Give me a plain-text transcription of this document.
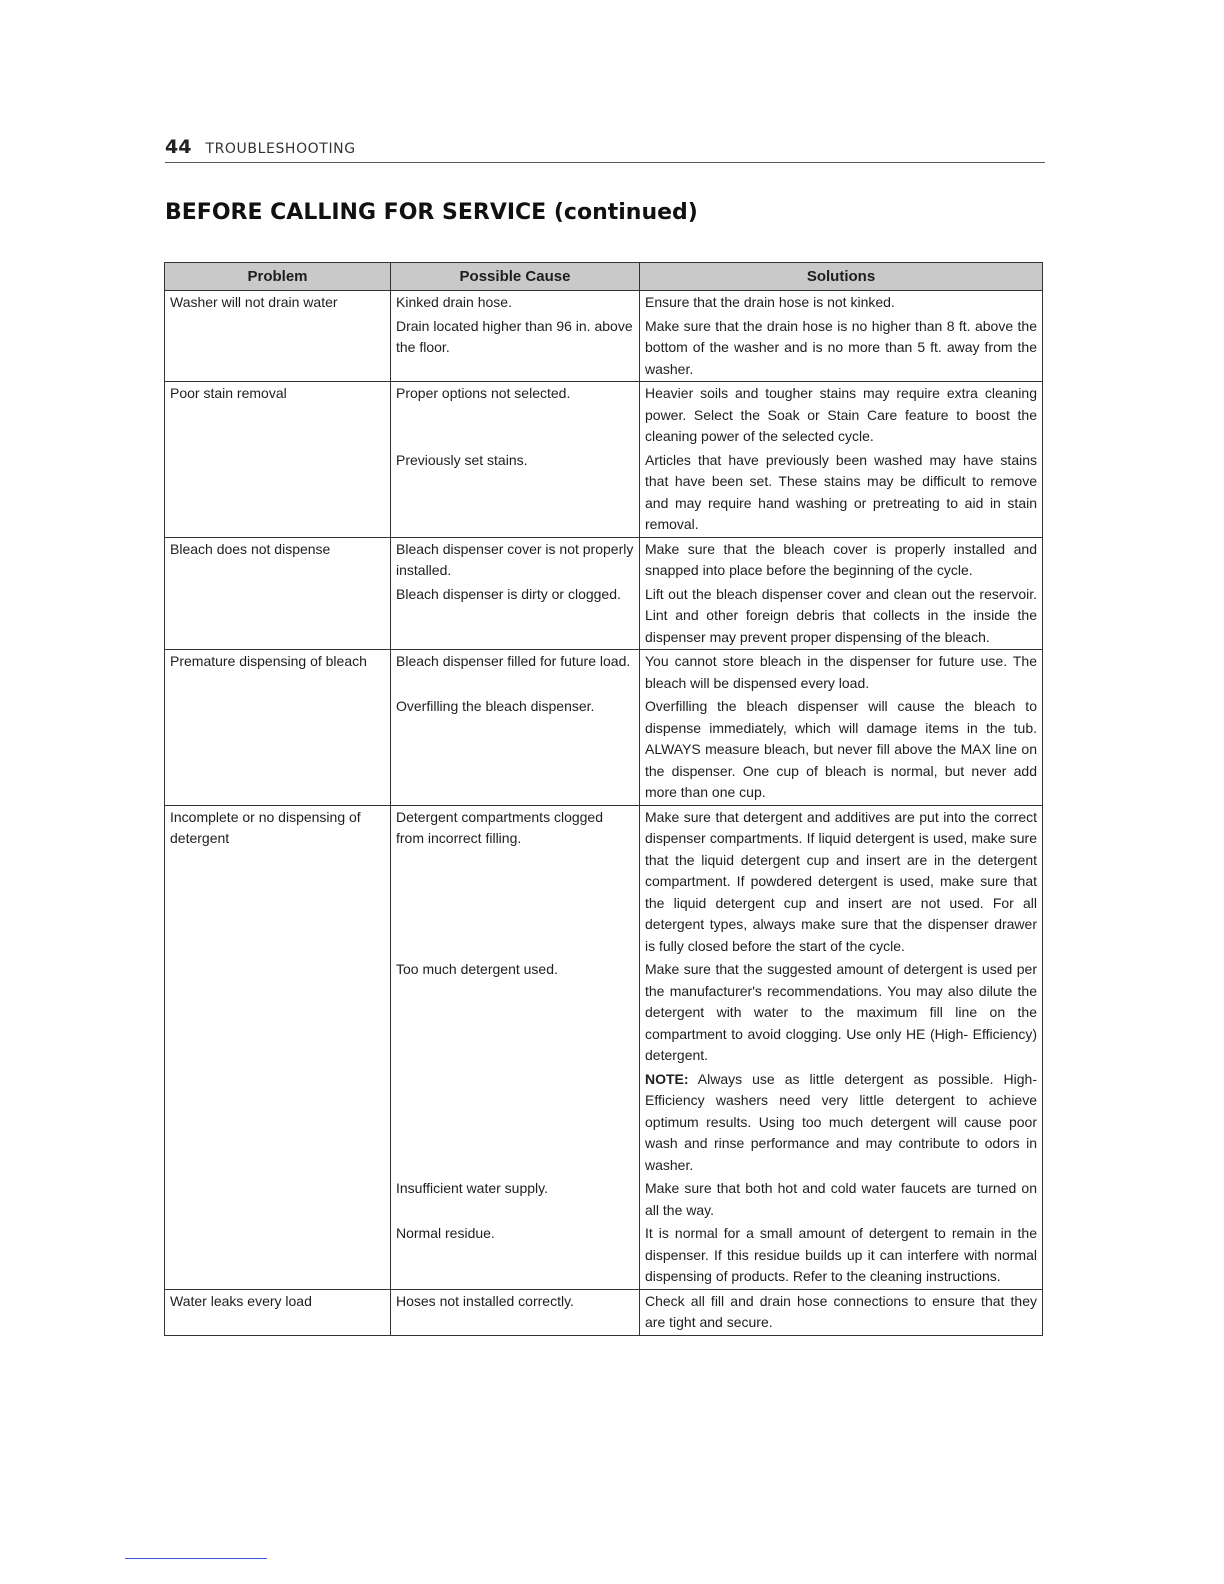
44 TROUBLESHOOTING
BEFORE CALLING FOR SERVICE (continued)
Problem	Possible Cause	Solutions
Washer will not drain water	Kinked drain hose.	Ensure that the drain hose is not kinked.
	Drain located higher than 96 in. above the floor.	Make sure that the drain hose is no higher than 8 ft. above the bottom of the washer and is no more than 5 ft. away from the washer.
Poor stain removal	Proper options not selected.	Heavier soils and tougher stains may require extra cleaning power. Select the Soak or Stain Care feature to boost the cleaning power of the selected cycle.
	Previously set stains.	Articles that have previously been washed may have stains that have been set. These stains may be difficult to remove and may require hand washing or pretreating to aid in stain removal.
Bleach does not dispense	Bleach dispenser cover is not properly installed.	Make sure that the bleach cover is properly installed and snapped into place before the beginning of the cycle.
	Bleach dispenser is dirty or clogged.	Lift out the bleach dispenser cover and clean out the reservoir. Lint and other foreign debris that collects in the inside the dispenser may prevent proper dispensing of the bleach.
Premature dispensing of bleach	Bleach dispenser filled for future load.	You cannot store bleach in the dispenser for future use. The bleach will be dispensed every load.
	Overfilling the bleach dispenser.	Overfilling the bleach dispenser will cause the bleach to dispense immediately, which will damage items in the tub. ALWAYS measure bleach, but never fill above the MAX line on the dispenser. One cup of bleach is normal, but never add more than one cup.
Incomplete or no dispensing of detergent	Detergent compartments clogged from incorrect filling.	Make sure that detergent and additives are put into the correct dispenser compartments. If liquid detergent is used, make sure that the liquid detergent cup and insert are in the detergent compartment. If powdered detergent is used, make sure that the liquid detergent cup and insert are not used. For all detergent types, always make sure that the dispenser drawer is fully closed before the start of the cycle.
	Too much detergent used.	Make sure that the suggested amount of detergent is used per the manufacturer's recommendations. You may also dilute the detergent with water to the maximum fill line on the compartment to avoid clogging. Use only HE (High- Efficiency) detergent.
		NOTE: Always use as little detergent as possible. High-Efficiency washers need very little detergent to achieve optimum results. Using too much detergent will cause poor wash and rinse performance and may contribute to odors in washer.
	Insufficient water supply.	Make sure that both hot and cold water faucets are turned on all the way.
	Normal residue.	It is normal for a small amount of detergent to remain in the dispenser. If this residue builds up it can interfere with normal dispensing of products. Refer to the cleaning instructions.
Water leaks every load	Hoses not installed correctly.	Check all fill and drain hose connections to ensure that they are tight and secure.
